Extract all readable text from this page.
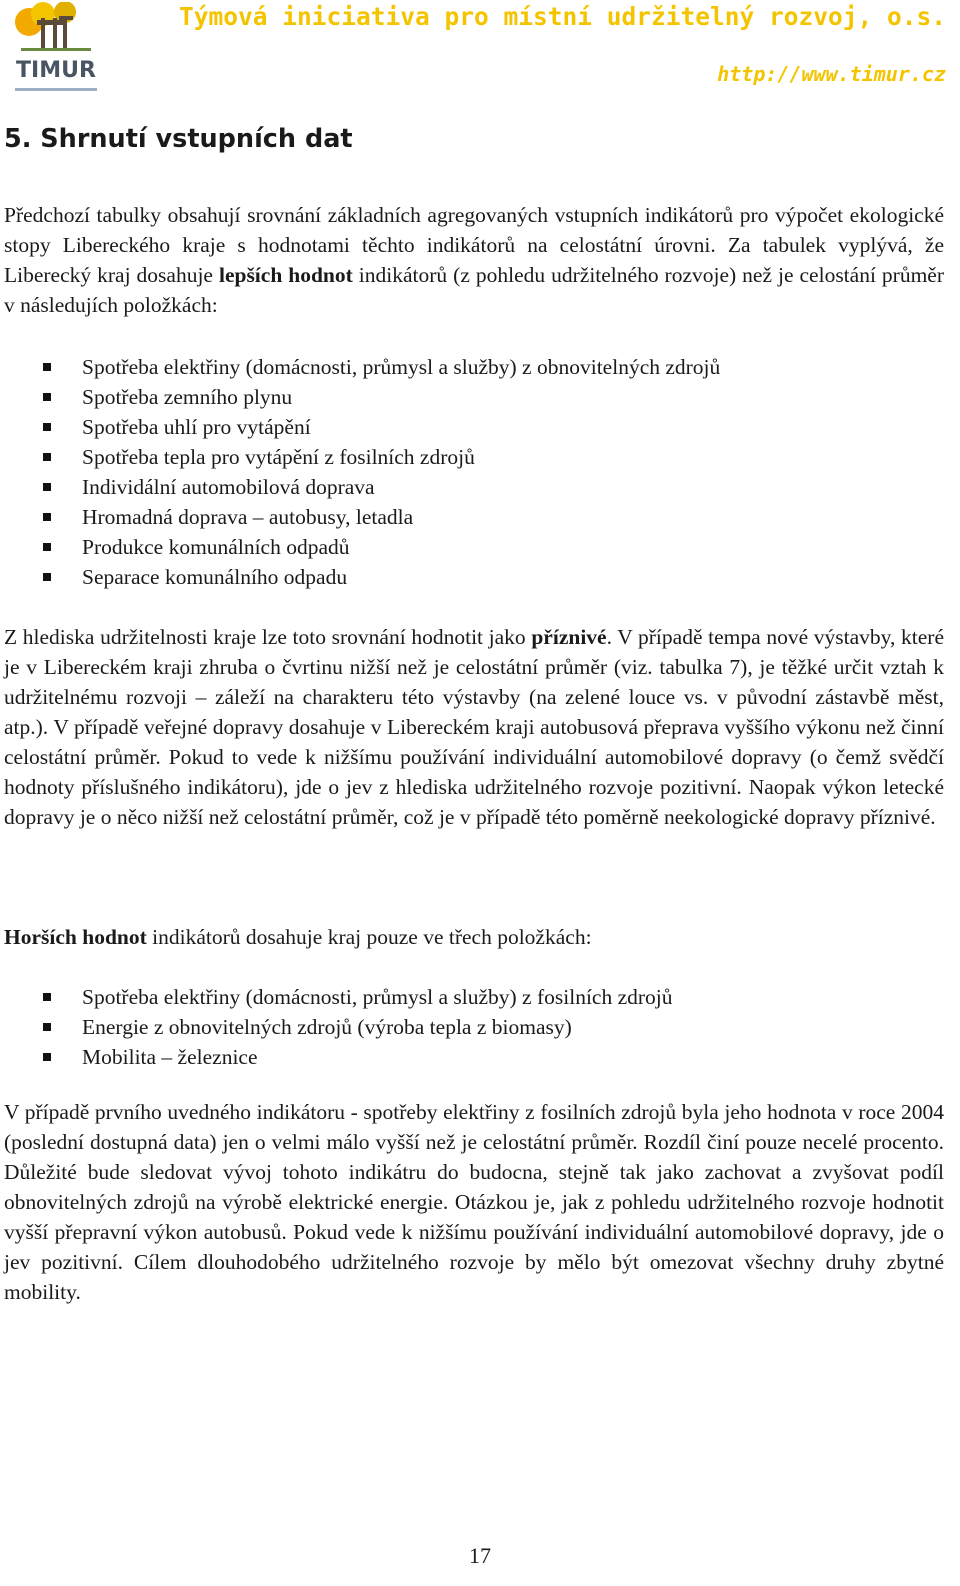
TIMUR
Týmová iniciativa pro místní udržitelný rozvoj, o.s.
http://www.timur.cz
5. Shrnutí vstupních dat

Předchozí tabulky obsahují srovnání základních agregovaných vstupních indikátorů pro výpočet ekologické stopy Libereckého kraje s hodnotami těchto indikátorů na celostátní úrovni. Za tabulek vyplývá, že Liberecký kraj dosahuje lepších hodnot indikátorů (z pohledu udržitelného rozvoje) než je celostání průměr v následujích položkách:

Spotřeba elektřiny (domácnosti, průmysl a služby) z obnovitelných zdrojů
Spotřeba zemního plynu
Spotřeba uhlí pro vytápění
Spotřeba tepla pro vytápění z fosilních zdrojů
Individální automobilová doprava
Hromadná doprava – autobusy, letadla
Produkce komunálních odpadů
Separace komunálního odpadu

Z hlediska udržitelnosti kraje lze toto srovnání hodnotit jako příznivé. V případě tempa nové výstavby, které je v Libereckém kraji zhruba o čvrtinu nižší než je celostátní průměr (viz. tabulka 7), je těžké určit vztah k udržitelnému rozvoji – záleží na charakteru této výstavby (na zelené louce vs. v původní zástavbě měst, atp.). V případě veřejné dopravy dosahuje v Libereckém kraji autobusová přeprava vyššího výkonu než činní celostátní průměr. Pokud to vede k nižšímu používání individuální automobilové dopravy (o čemž svědčí hodnoty příslušného indikátoru), jde o jev z hlediska udržitelného rozvoje pozitivní. Naopak výkon letecké dopravy je o něco nižší než celostátní průměr, což je v případě této poměrně neekologické dopravy příznivé.

Horších hodnot indikátorů dosahuje kraj pouze ve třech položkách:

Spotřeba elektřiny (domácnosti, průmysl a služby) z fosilních zdrojů
Energie z obnovitelných zdrojů (výroba tepla z biomasy)
Mobilita – železnice

V případě prvního uvedného indikátoru - spotřeby elektřiny z fosilních zdrojů byla jeho hodnota v roce 2004 (poslední dostupná data) jen o velmi málo vyšší než je celostátní průměr. Rozdíl činí pouze necelé procento. Důležité bude sledovat vývoj tohoto indikátru do budocna, stejně tak jako zachovat a zvyšovat podíl obnovitelných zdrojů na výrobě elektrické energie. Otázkou je, jak z pohledu udržitelného rozvoje hodnotit vyšší přepravní výkon autobusů. Pokud vede k nižšímu používání individuální automobilové dopravy, jde o jev pozitivní. Cílem dlouhodobého udržitelného rozvoje by mělo být omezovat všechny druhy zbytné mobility.

17
